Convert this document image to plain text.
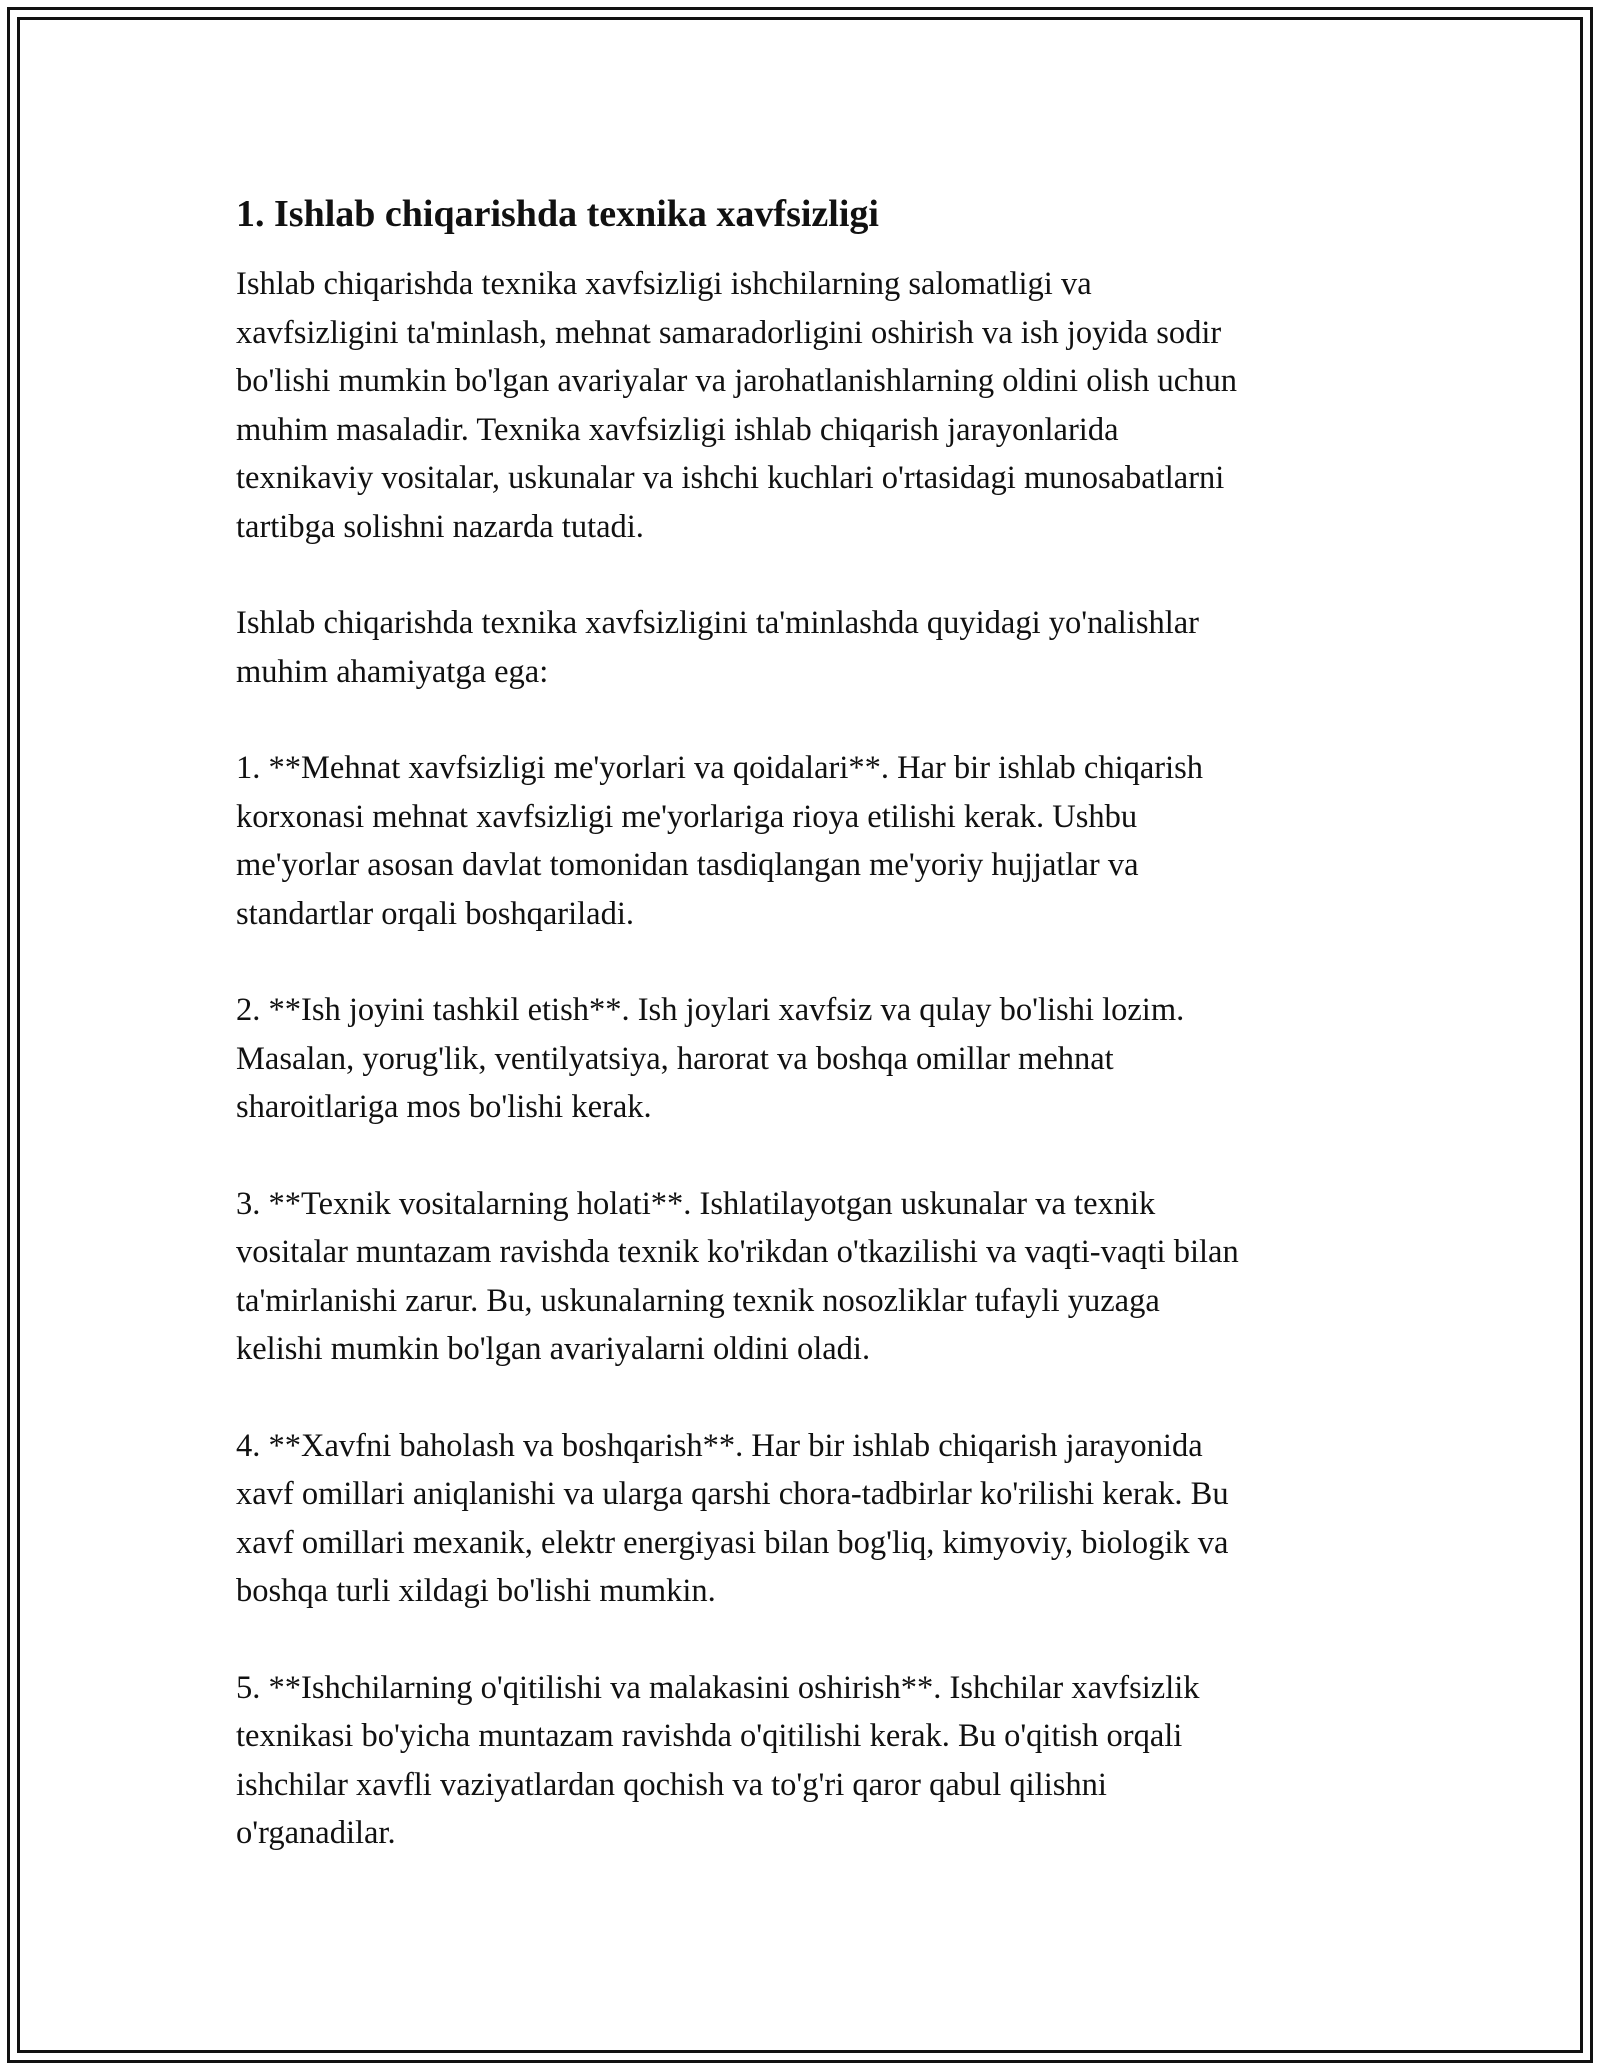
1. Ishlab chiqarishda texnika xavfsizligi

Ishlab chiqarishda texnika xavfsizligi ishchilarning salomatligi va
xavfsizligini ta'minlash, mehnat samaradorligini oshirish va ish joyida sodir
bo'lishi mumkin bo'lgan avariyalar va jarohatlanishlarning oldini olish uchun
muhim masaladir. Texnika xavfsizligi ishlab chiqarish jarayonlarida
texnikaviy vositalar, uskunalar va ishchi kuchlari o'rtasidagi munosabatlarni
tartibga solishni nazarda tutadi.

Ishlab chiqarishda texnika xavfsizligini ta'minlashda quyidagi yo'nalishlar
muhim ahamiyatga ega:

1. **Mehnat xavfsizligi me'yorlari va qoidalari**. Har bir ishlab chiqarish
korxonasi mehnat xavfsizligi me'yorlariga rioya etilishi kerak. Ushbu
me'yorlar asosan davlat tomonidan tasdiqlangan me'yoriy hujjatlar va
standartlar orqali boshqariladi.

2. **Ish joyini tashkil etish**. Ish joylari xavfsiz va qulay bo'lishi lozim.
Masalan, yorug'lik, ventilyatsiya, harorat va boshqa omillar mehnat
sharoitlariga mos bo'lishi kerak.

3. **Texnik vositalarning holati**. Ishlatilayotgan uskunalar va texnik
vositalar muntazam ravishda texnik ko'rikdan o'tkazilishi va vaqti-vaqti bilan
ta'mirlanishi zarur. Bu, uskunalarning texnik nosozliklar tufayli yuzaga
kelishi mumkin bo'lgan avariyalarni oldini oladi.

4. **Xavfni baholash va boshqarish**. Har bir ishlab chiqarish jarayonida
xavf omillari aniqlanishi va ularga qarshi chora-tadbirlar ko'rilishi kerak. Bu
xavf omillari mexanik, elektr energiyasi bilan bog'liq, kimyoviy, biologik va
boshqa turli xildagi bo'lishi mumkin.

5. **Ishchilarning o'qitilishi va malakasini oshirish**. Ishchilar xavfsizlik
texnikasi bo'yicha muntazam ravishda o'qitilishi kerak. Bu o'qitish orqali
ishchilar xavfli vaziyatlardan qochish va to'g'ri qaror qabul qilishni
o'rganadilar.
